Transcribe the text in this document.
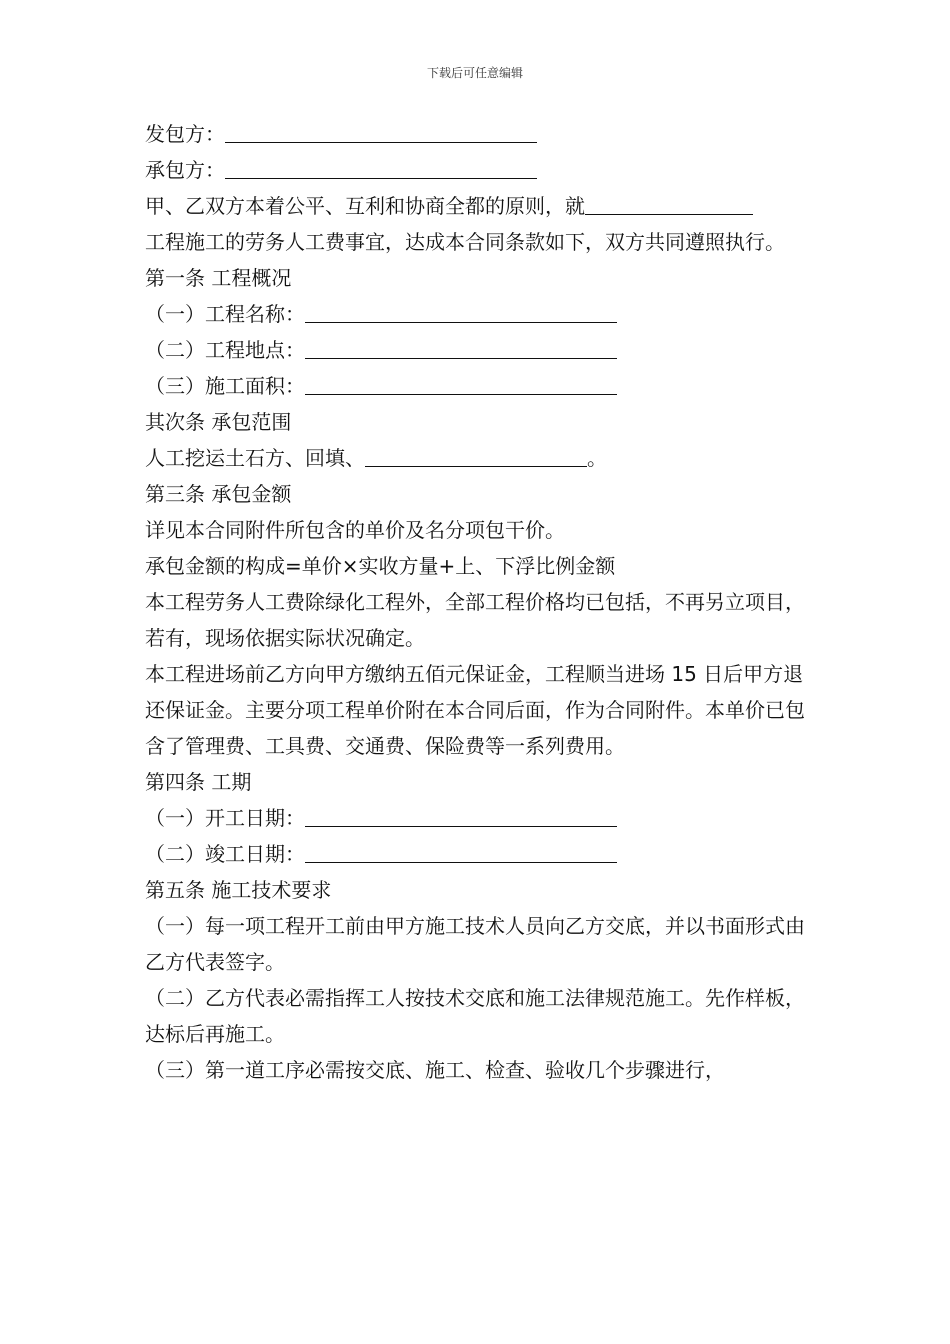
下载后可任意编辑
发包方：
承包方：
甲、乙双方本着公平、互利和协商全都的原则，就
工程施工的劳务人工费事宜，达成本合同条款如下，双方共同遵照执行。
第一条 工程概况
（一）工程名称：
（二）工程地点：
（三）施工面积：
其次条 承包范围
人工挖运土石方、回填、	。
第三条 承包金额
详见本合同附件所包含的单价及名分项包干价。
承包金额的构成=单价×实收方量+上、下浮比例金额
本工程劳务人工费除绿化工程外，全部工程价格均已包括，不再另立项目，若有，现场依据实际状况确定。
本工程进场前乙方向甲方缴纳五佰元保证金，工程顺当进场 15 日后甲方退还保证金。主要分项工程单价附在本合同后面，作为合同附件。本单价已包含了管理费、工具费、交通费、保险费等一系列费用。
第四条 工期
（一）开工日期：
（二）竣工日期：
第五条 施工技术要求
（一）每一项工程开工前由甲方施工技术人员向乙方交底，并以书面形式由乙方代表签字。
（二）乙方代表必需指挥工人按技术交底和施工法律规范施工。先作样板，达标后再施工。
（三）第一道工序必需按交底、施工、检查、验收几个步骤进行，
